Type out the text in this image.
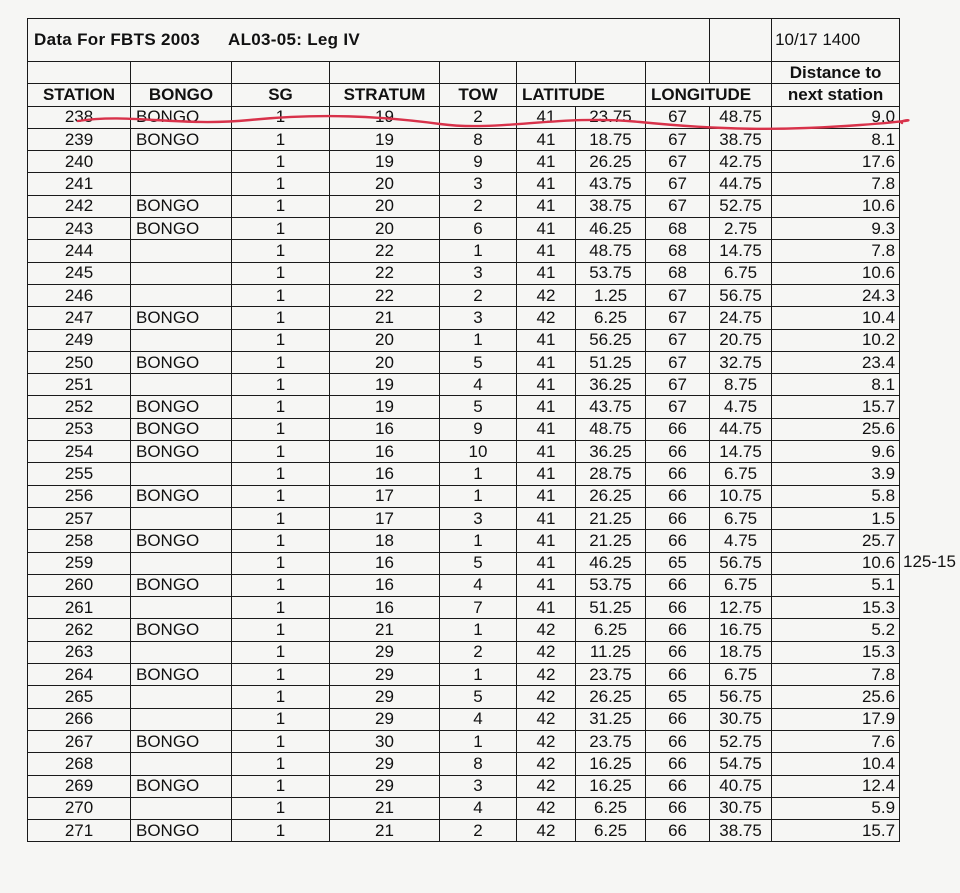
Data For FBTS 2003 AL03-05: Leg IV									10/17 1400
									Distance to
STATION	BONGO	SG	STRATUM	TOW	LATITUDE		LONGITUDE		next station
238	BONGO	1	19	2	41	23.75	67	48.75	9.0
239	BONGO	1	19	8	41	18.75	67	38.75	8.1
240		1	19	9	41	26.25	67	42.75	17.6
241		1	20	3	41	43.75	67	44.75	7.8
242	BONGO	1	20	2	41	38.75	67	52.75	10.6
243	BONGO	1	20	6	41	46.25	68	2.75	9.3
244		1	22	1	41	48.75	68	14.75	7.8
245		1	22	3	41	53.75	68	6.75	10.6
246		1	22	2	42	1.25	67	56.75	24.3
247	BONGO	1	21	3	42	6.25	67	24.75	10.4
249		1	20	1	41	56.25	67	20.75	10.2
250	BONGO	1	20	5	41	51.25	67	32.75	23.4
251		1	19	4	41	36.25	67	8.75	8.1
252	BONGO	1	19	5	41	43.75	67	4.75	15.7
253	BONGO	1	16	9	41	48.75	66	44.75	25.6
254	BONGO	1	16	10	41	36.25	66	14.75	9.6
255		1	16	1	41	28.75	66	6.75	3.9
256	BONGO	1	17	1	41	26.25	66	10.75	5.8
257		1	17	3	41	21.25	66	6.75	1.5
258	BONGO	1	18	1	41	21.25	66	4.75	25.7
259		1	16	5	41	46.25	65	56.75	10.6
260	BONGO	1	16	4	41	53.75	66	6.75	5.1
261		1	16	7	41	51.25	66	12.75	15.3
262	BONGO	1	21	1	42	6.25	66	16.75	5.2
263		1	29	2	42	11.25	66	18.75	15.3
264	BONGO	1	29	1	42	23.75	66	6.75	7.8
265		1	29	5	42	26.25	65	56.75	25.6
266		1	29	4	42	31.25	66	30.75	17.9
267	BONGO	1	30	1	42	23.75	66	52.75	7.6
268		1	29	8	42	16.25	66	54.75	10.4
269	BONGO	1	29	3	42	16.25	66	40.75	12.4
270		1	21	4	42	6.25	66	30.75	5.9
271	BONGO	1	21	2	42	6.25	66	38.75	15.7
125-15
